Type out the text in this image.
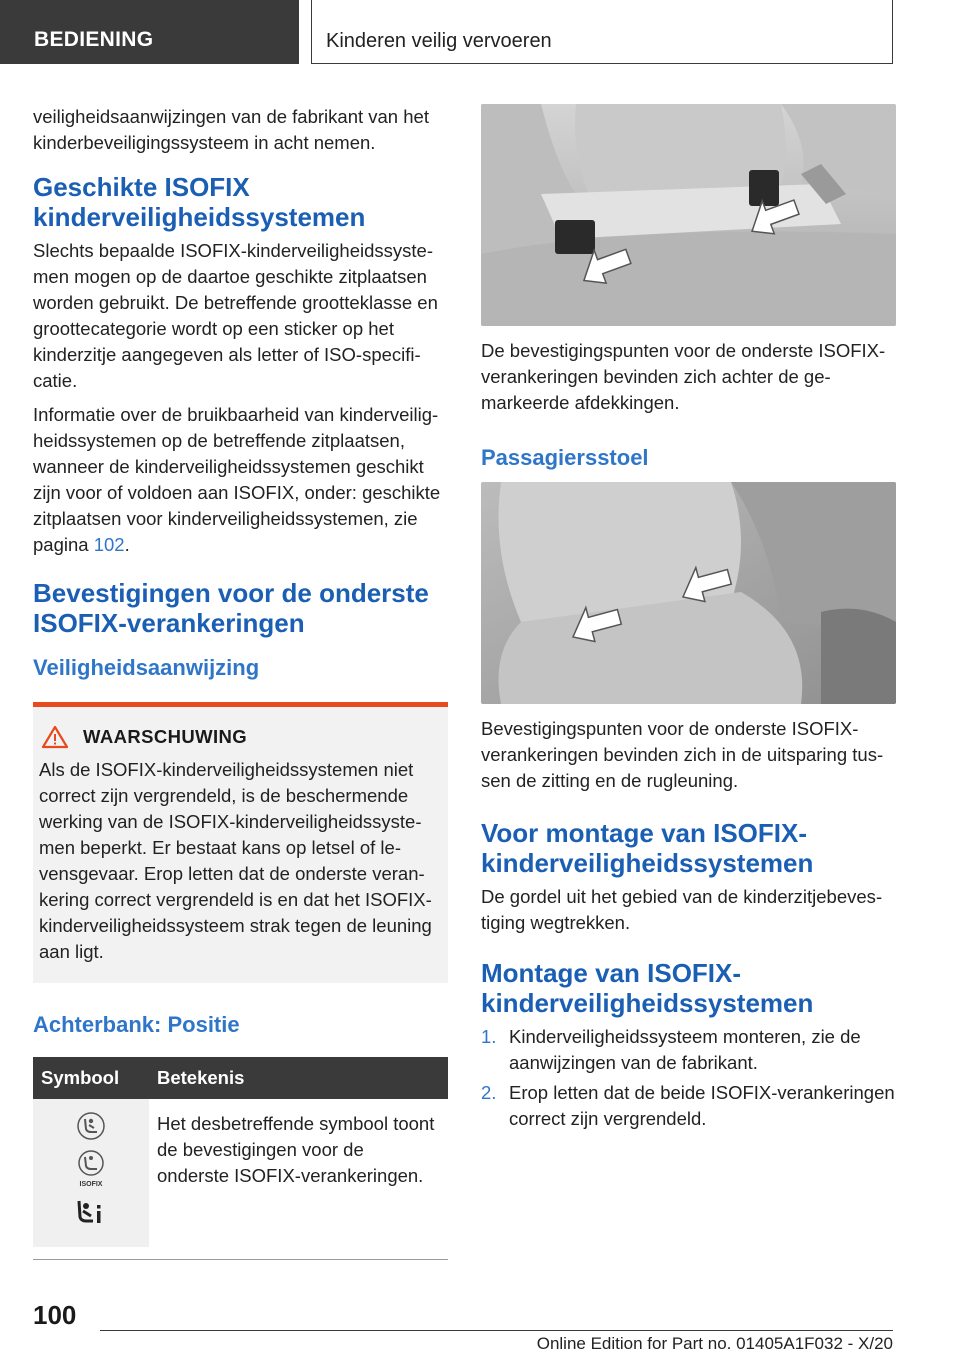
BEDIENING	Kinderen veilig vervoeren

veiligheidsaanwijzingen van de fabrikant van het kinderbeveiligingssysteem in acht nemen.

Geschikte ISOFIX kinderveiligheidssystemen

Slechts bepaalde ISOFIX-kinderveiligheidssystemen mogen op de daartoe geschikte zitplaatsen worden gebruikt. De betreffende grootteklasse en groottecategorie wordt op een sticker op het kinderzitje aangegeven als letter of ISO-specificatie.

Informatie over de bruikbaarheid van kinderveiligheidssystemen op de betreffende zitplaatsen, wanneer de kinderveiligheidssystemen geschikt zijn voor of voldoen aan ISOFIX, onder: geschikte zitplaatsen voor kinderveiligheidssystemen, zie pagina 102.

Bevestigingen voor de onderste ISOFIX-verankeringen
Veiligheidsaanwijzing
WAARSCHUWING

Als de ISOFIX-kinderveiligheidssystemen niet correct zijn vergrendeld, is de beschermende werking van de ISOFIX-kinderveiligheidssystemen beperkt. Er bestaat kans op letsel of levensgevaar. Erop letten dat de onderste verankering correct vergrendeld is en dat het ISOFIX-kinderveiligheidssysteem strak tegen de leuning aan ligt.

Achterbank: Positie
Symbool	Betekenis

ISOFIX	Het desbetreffende symbool toont de bevestigingen voor de onderste ISOFIX-verankeringen.

De bevestigingspunten voor de onderste ISOFIX-verankeringen bevinden zich achter de gemarkeerde afdekkingen.

Passagiersstoel

Bevestigingspunten voor de onderste ISOFIX-verankeringen bevinden zich in de uitsparing tussen de zitting en de rugleuning.

Voor montage van ISOFIX-kinderveiligheidssystemen

De gordel uit het gebied van de kinderzitjebevestiging wegtrekken.

Montage van ISOFIX-kinderveiligheidssystemen
1. Kinderveiligheidssysteem monteren, zie de aanwijzingen van de fabrikant.
2. Erop letten dat de beide ISOFIX-verankeringen correct zijn vergrendeld.
100
Online Edition for Part no. 01405A1F032 - X/20
